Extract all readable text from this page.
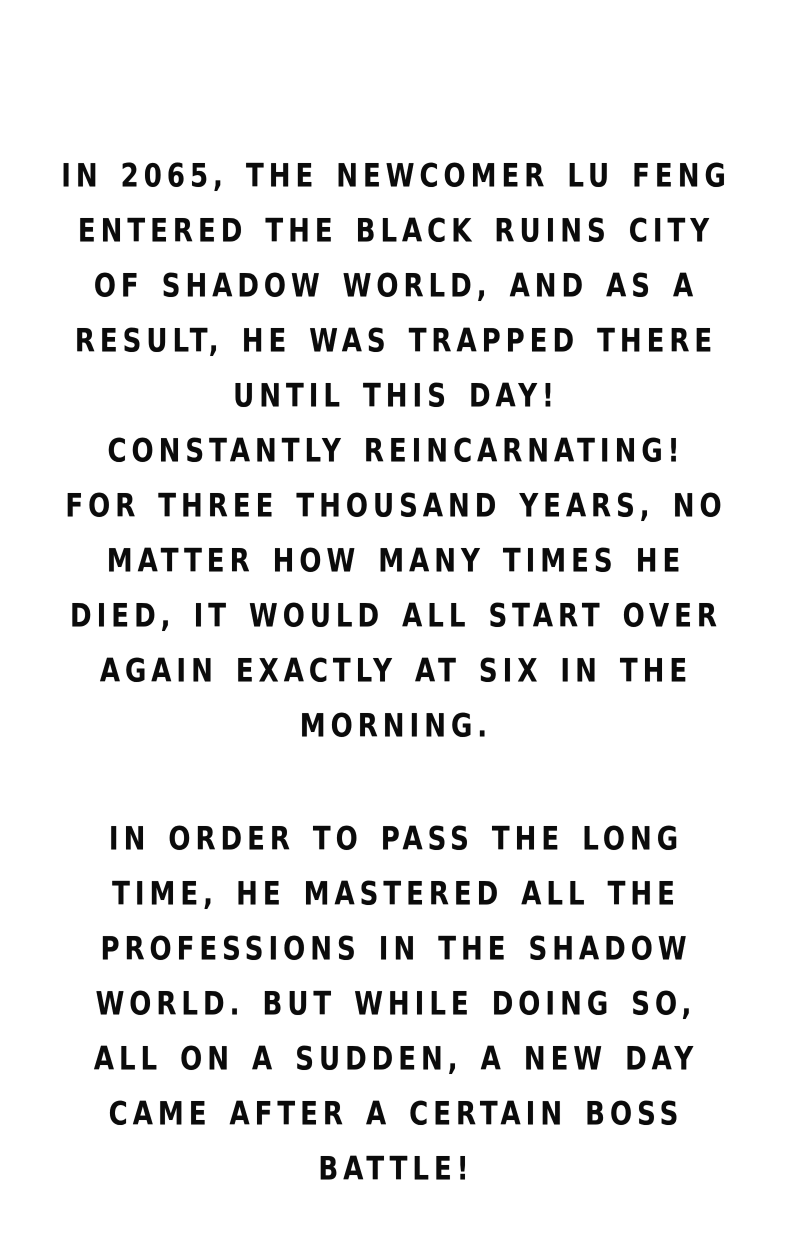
IN 2065, THE NEWCOMER LU FENG
ENTERED THE BLACK RUINS CITY
OF SHADOW WORLD, AND AS A
RESULT, HE WAS TRAPPED THERE
UNTIL THIS DAY!
CONSTANTLY REINCARNATING!
FOR THREE THOUSAND YEARS, NO
MATTER HOW MANY TIMES HE
DIED, IT WOULD ALL START OVER
AGAIN EXACTLY AT SIX IN THE
MORNING.
IN ORDER TO PASS THE LONG
TIME, HE MASTERED ALL THE
PROFESSIONS IN THE SHADOW
WORLD. BUT WHILE DOING SO,
ALL ON A SUDDEN, A NEW DAY
CAME AFTER A CERTAIN BOSS
BATTLE!
